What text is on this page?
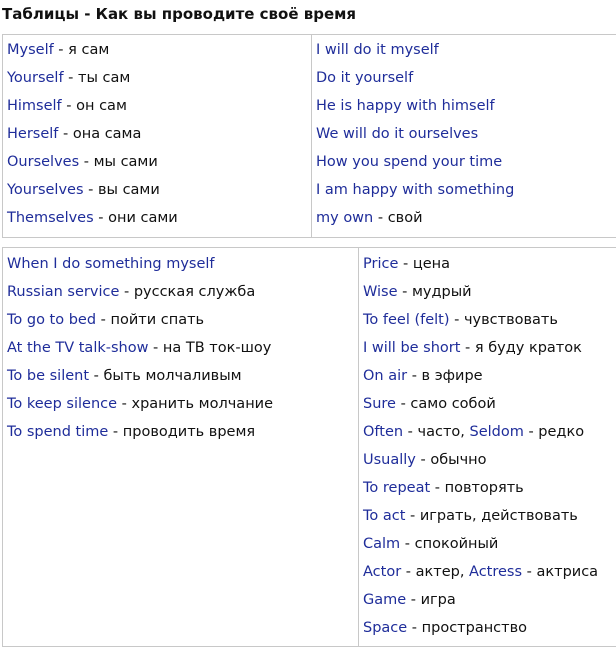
Таблицы - Как вы проводите своё время
Myself - я сам
Yourself - ты сам
Himself - он сам
Herself - она сама
Ourselves - мы сами
Yourselves - вы сами
Themselves - они сами
I will do it myself
Do it yourself
He is happy with himself
We will do it ourselves
How you spend your time
I am happy with something
my own - свой
When I do something myself
Russian service - русская служба
To go to bed - пойти спать
At the TV talk-show - на ТВ ток-шоу
To be silent - быть молчаливым
To keep silence - хранить молчание
To spend time - проводить время
Price - цена
Wise - мудрый
To feel (felt) - чувствовать
I will be short - я буду краток
On air - в эфире
Sure - само собой
Often - часто, Seldom - редко
Usually - обычно
To repeat - повторять
To act - играть, действовать
Calm - спокойный
Actor - актер, Actress - актриса
Game - игра
Space - пространство
